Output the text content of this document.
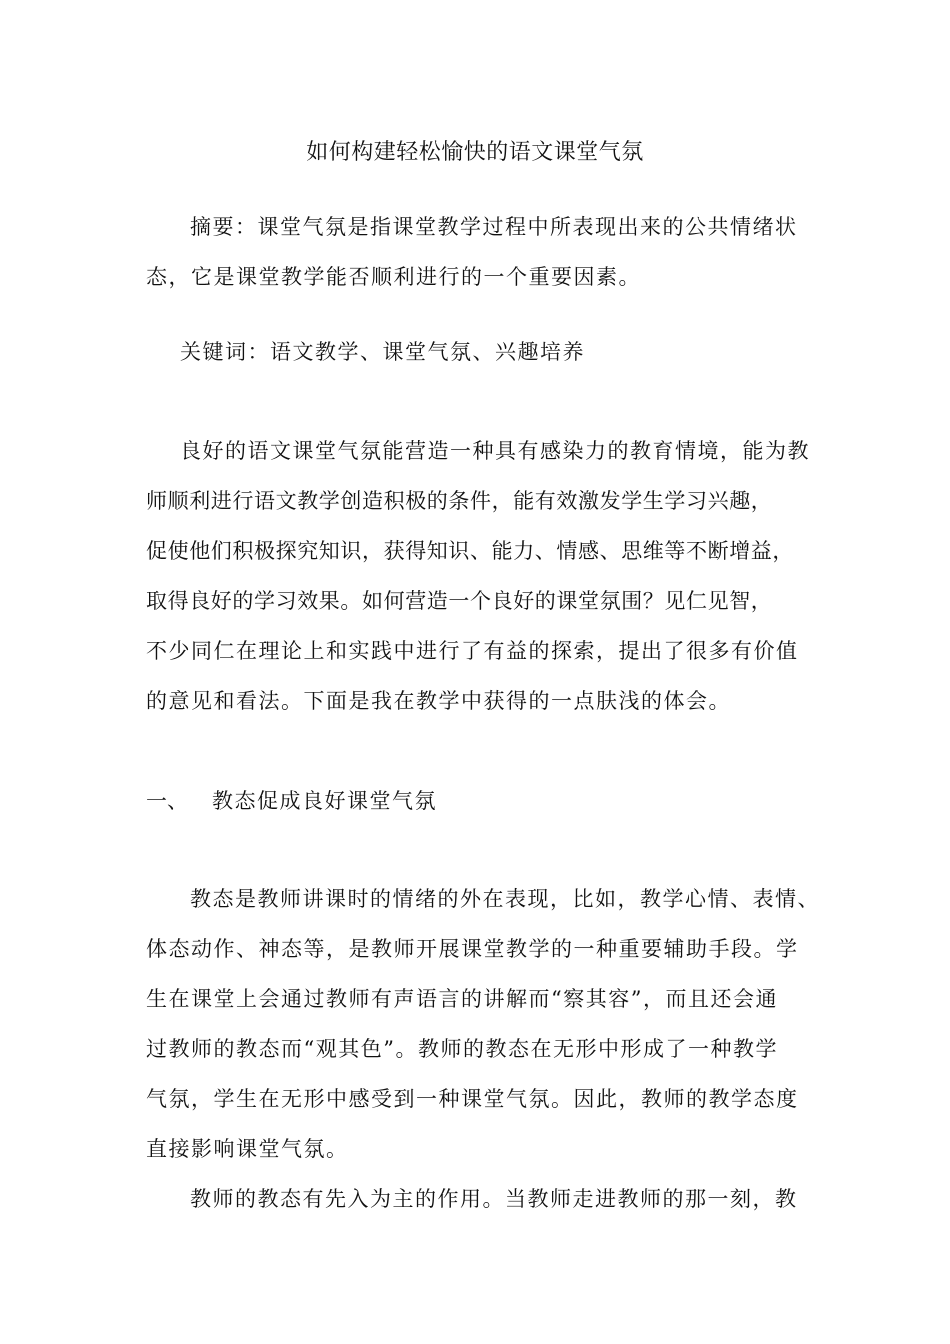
如何构建轻松愉快的语文课堂气氛
摘要：课堂气氛是指课堂教学过程中所表现出来的公共情绪状
态，它是课堂教学能否顺利进行的一个重要因素。
关键词：语文教学、课堂气氛、兴趣培养
良好的语文课堂气氛能营造一种具有感染力的教育情境，能为教
师顺利进行语文教学创造积极的条件，能有效激发学生学习兴趣，
促使他们积极探究知识，获得知识、能力、情感、思维等不断增益，
取得良好的学习效果。如何营造一个良好的课堂氛围？见仁见智，
不少同仁在理论上和实践中进行了有益的探索，提出了很多有价值
的意见和看法。下面是我在教学中获得的一点肤浅的体会。
一、 教态促成良好课堂气氛
教态是教师讲课时的情绪的外在表现，比如，教学心情、表情、
体态动作、神态等，是教师开展课堂教学的一种重要辅助手段。学
生在课堂上会通过教师有声语言的讲解而“察其容”，而且还会通
过教师的教态而“观其色”。教师的教态在无形中形成了一种教学
气氛，学生在无形中感受到一种课堂气氛。因此，教师的教学态度
直接影响课堂气氛。
教师的教态有先入为主的作用。当教师走进教师的那一刻，教
